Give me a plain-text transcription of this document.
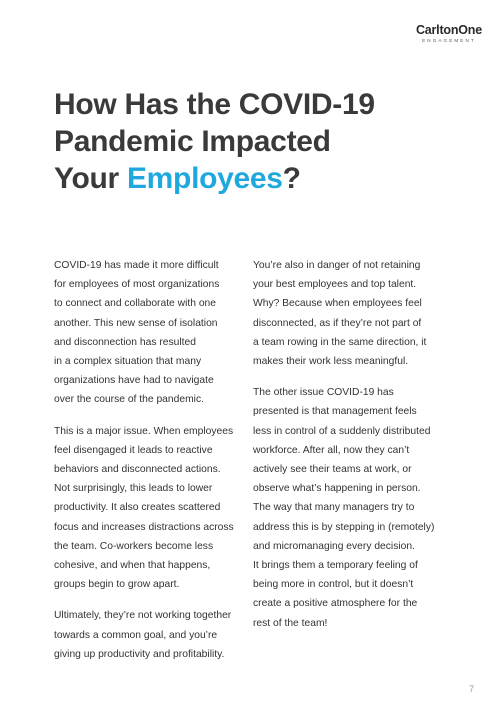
CarltonOne
ENGAGEMENT
How Has the COVID-19
Pandemic Impacted
Your Employees?

COVID-19 has made it more difficult
for employees of most organizations
to connect and collaborate with one
another. This new sense of isolation
and disconnection has resulted
in a complex situation that many
organizations have had to navigate
over the course of the pandemic.

This is a major issue. When employees
feel disengaged it leads to reactive
behaviors and disconnected actions.
Not surprisingly, this leads to lower
productivity. It also creates scattered
focus and increases distractions across
the team. Co-workers become less
cohesive, and when that happens,
groups begin to grow apart.

Ultimately, they’re not working together
towards a common goal, and you’re
giving up productivity and profitability.

You’re also in danger of not retaining
your best employees and top talent.
Why? Because when employees feel
disconnected, as if they’re not part of
a team rowing in the same direction, it
makes their work less meaningful.

The other issue COVID-19 has
presented is that management feels
less in control of a suddenly distributed
workforce. After all, now they can’t
actively see their teams at work, or
observe what’s happening in person.
The way that many managers try to
address this is by stepping in (remotely)
and micromanaging every decision.
It brings them a temporary feeling of
being more in control, but it doesn’t
create a positive atmosphere for the
rest of the team!

7
